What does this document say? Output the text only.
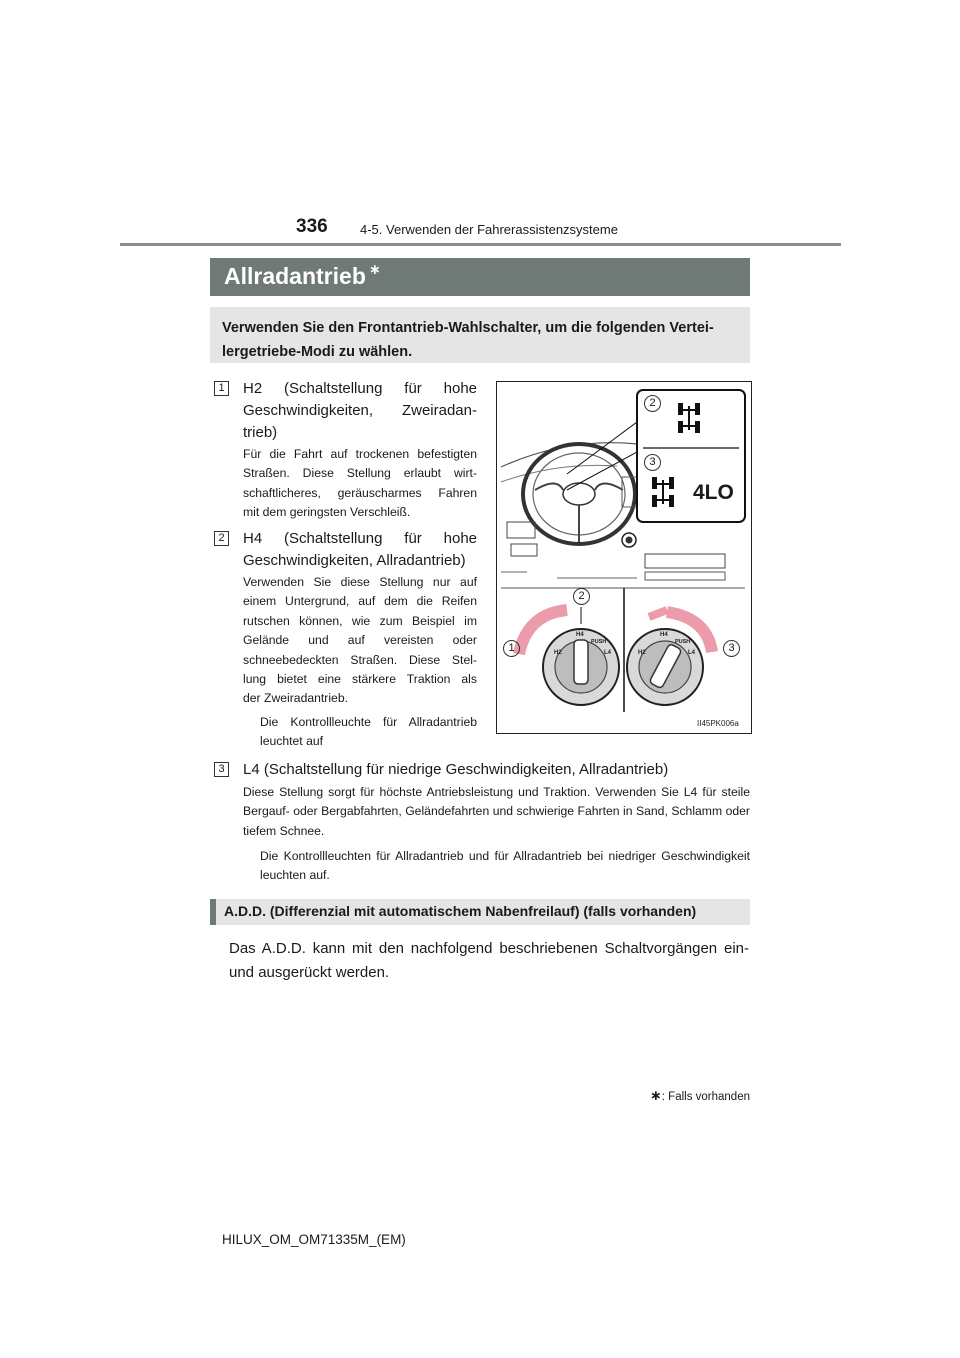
336 4-5. Verwenden der Fahrerassistenzsysteme
Allradantrieb ∗
Verwenden Sie den Frontantrieb-Wahlschalter, um die folgenden Vertei- lergetriebe-Modi zu wählen.
1 H2 (Schaltstellung für hohe
Geschwindigkeiten, Zweiradan-
trieb)
Für die Fahrt auf trockenen befestigten
Straßen. Diese Stellung erlaubt wirt-
schaftlicheres, geräuscharmes Fahren
mit dem geringsten Verschleiß.
2 H4 (Schaltstellung für hohe
Geschwindigkeiten, Allradantrieb)
Verwenden Sie diese Stellung nur auf
einem Untergrund, auf dem die Reifen
rutschen können, wie zum Beispiel im
Gelände und auf vereisten oder
schneebedeckten Straßen. Diese Stel-
lung bietet eine stärkere Traktion als
der Zweiradantrieb.
Die Kontrollleuchte für Allradantrieb
leuchtet auf
2
3
4LO
2
1	3
H2
H4
PUSH
L4	H2
H4
PUSH
L4
II45PK006a
3 L4 (Schaltstellung für niedrige Geschwindigkeiten, Allradantrieb)
Diese Stellung sorgt für höchste Antriebsleistung und Traktion. Verwenden Sie L4 für steile Bergauf- oder Bergabfahrten, Geländefahrten und schwierige Fahrten in Sand, Schlamm oder tiefem Schnee.
Die Kontrollleuchten für Allradantrieb und für Allradantrieb bei niedriger Geschwindigkeit leuchten auf.
A.D.D. (Differenzial mit automatischem Nabenfreilauf) (falls vorhanden)
Das A.D.D. kann mit den nachfolgend beschriebenen Schaltvorgängen ein- und ausgerückt werden.
∗: Falls vorhanden
HILUX_OM_OM71335M_(EM)
